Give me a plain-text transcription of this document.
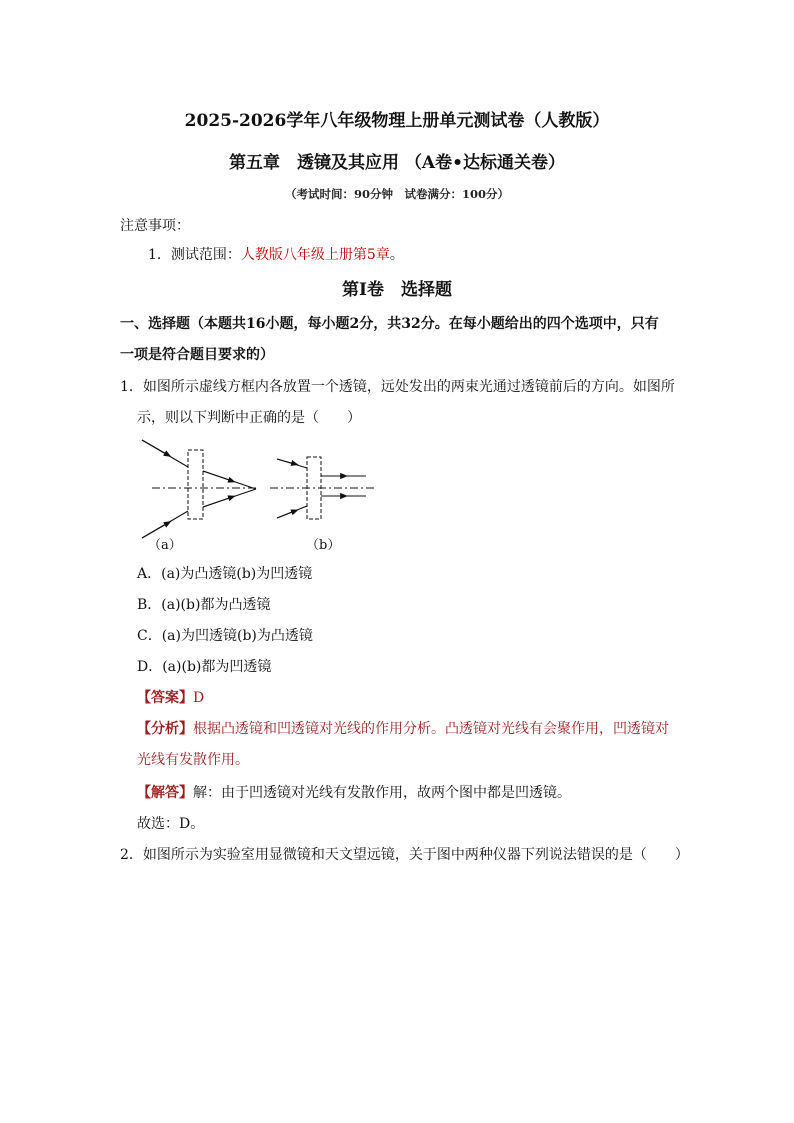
2025-2026学年八年级物理上册单元测试卷（人教版）
第五章　透镜及其应用 （A卷•达标通关卷）
（考试时间：90分钟　试卷满分：100分）
注意事项：
1．测试范围：人教版八年级上册第5章。
第Ⅰ卷　选择题
一、选择题（本题共16小题，每小题2分，共32分。在每小题给出的四个选项中，只有
一项是符合题目要求的）
1．如图所示虚线方框内各放置一个透镜，远处发出的两束光通过透镜前后的方向。如图所
示，则以下判断中正确的是（　　）
（a）	（b）
A．(a)为凸透镜(b)为凹透镜
B．(a)(b)都为凸透镜
C．(a)为凹透镜(b)为凸透镜
D．(a)(b)都为凹透镜
【答案】D
【分析】根据凸透镜和凹透镜对光线的作用分析。凸透镜对光线有会聚作用，凹透镜对
光线有发散作用。
【解答】解：由于凹透镜对光线有发散作用，故两个图中都是凹透镜。
故选：D。
2．如图所示为实验室用显微镜和天文望远镜，关于图中两种仪器下列说法错误的是（　　）
